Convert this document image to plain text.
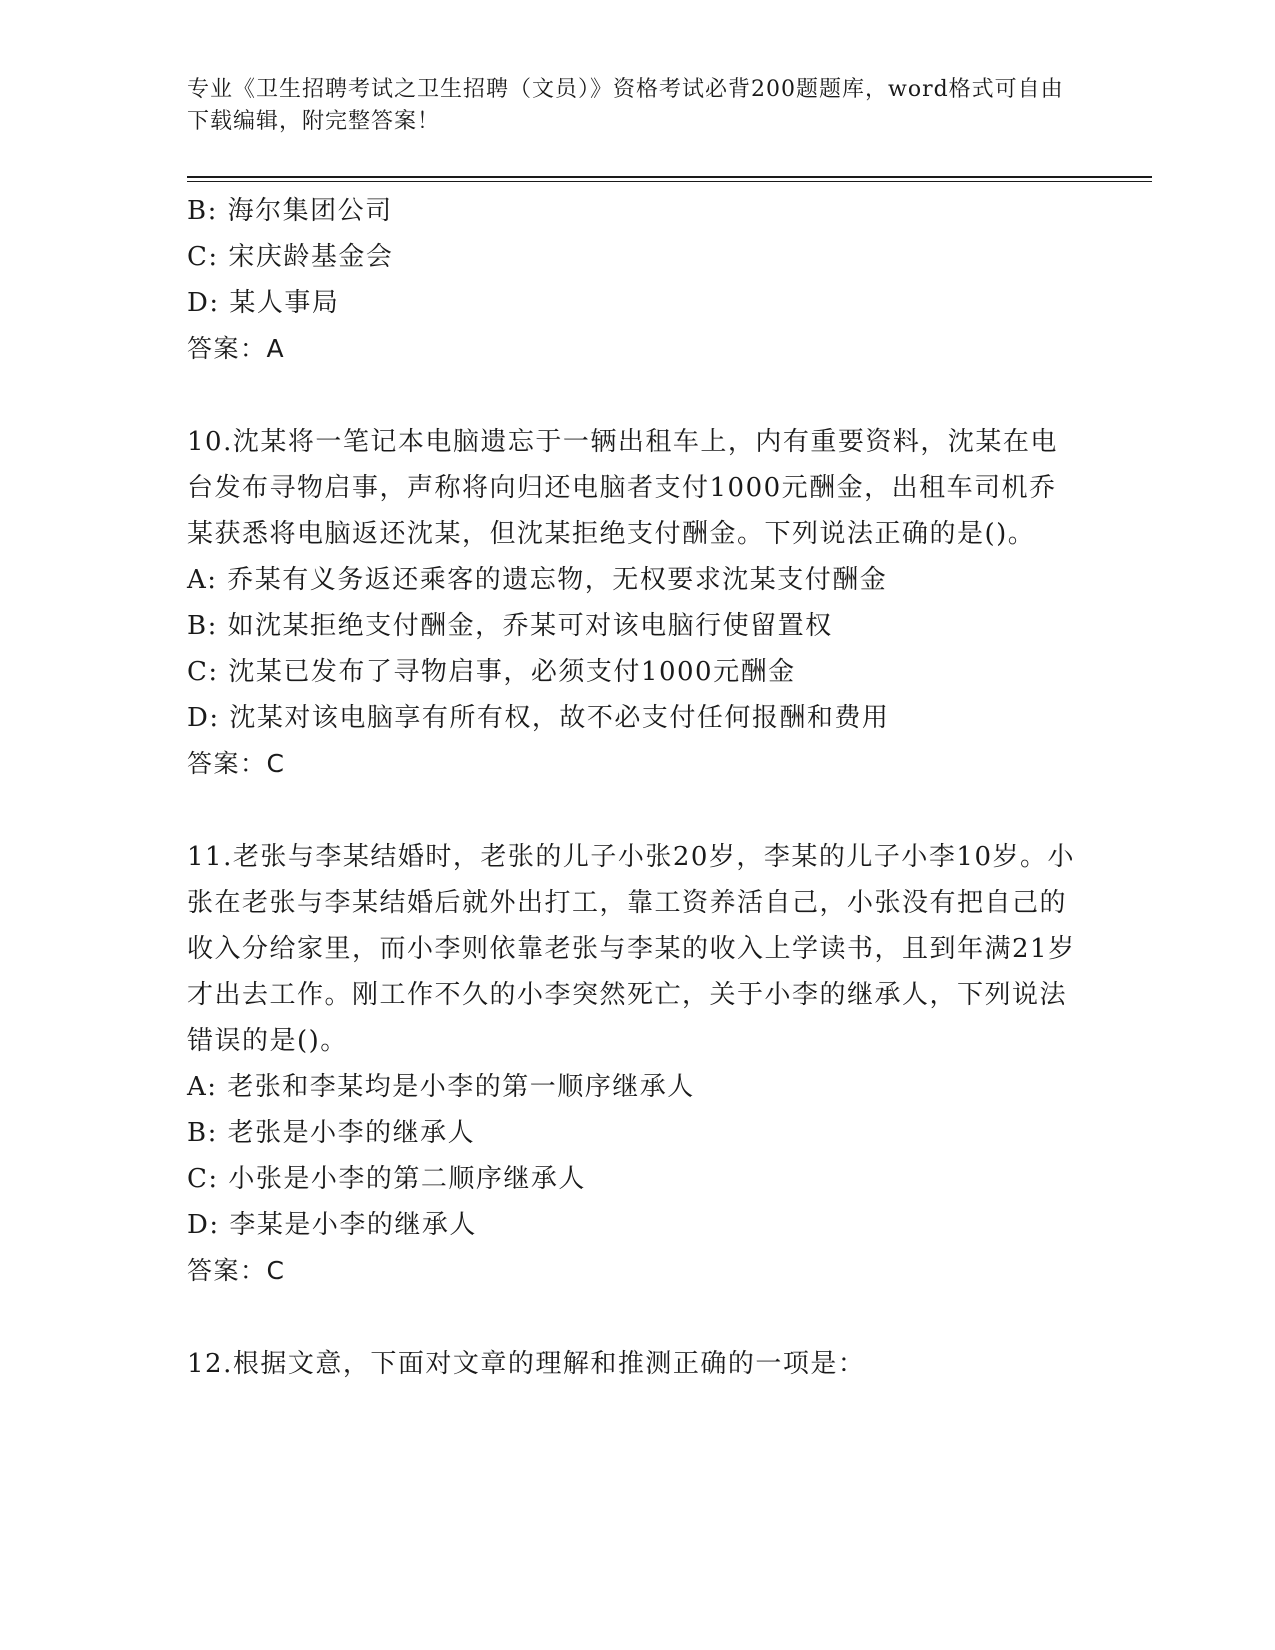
专业《卫生招聘考试之卫生招聘（文员）》资格考试必背200题题库，word格式可自由下载编辑，附完整答案！
B: 海尔集团公司
C: 宋庆龄基金会
D: 某人事局
答案：A
10.沈某将一笔记本电脑遗忘于一辆出租车上，内有重要资料，沈某在电台发布寻物启事，声称将向归还电脑者支付1000元酬金，出租车司机乔某获悉将电脑返还沈某，但沈某拒绝支付酬金。下列说法正确的是()。
A: 乔某有义务返还乘客的遗忘物，无权要求沈某支付酬金
B: 如沈某拒绝支付酬金，乔某可对该电脑行使留置权
C: 沈某已发布了寻物启事，必须支付1000元酬金
D: 沈某对该电脑享有所有权，故不必支付任何报酬和费用
答案：C
11.老张与李某结婚时，老张的儿子小张20岁，李某的儿子小李10岁。小张在老张与李某结婚后就外出打工，靠工资养活自己，小张没有把自己的收入分给家里，而小李则依靠老张与李某的收入上学读书，且到年满21岁才出去工作。刚工作不久的小李突然死亡，关于小李的继承人，下列说法错误的是()。
A: 老张和李某均是小李的第一顺序继承人
B: 老张是小李的继承人
C: 小张是小李的第二顺序继承人
D: 李某是小李的继承人
答案：C
12.根据文意，下面对文章的理解和推测正确的一项是：
